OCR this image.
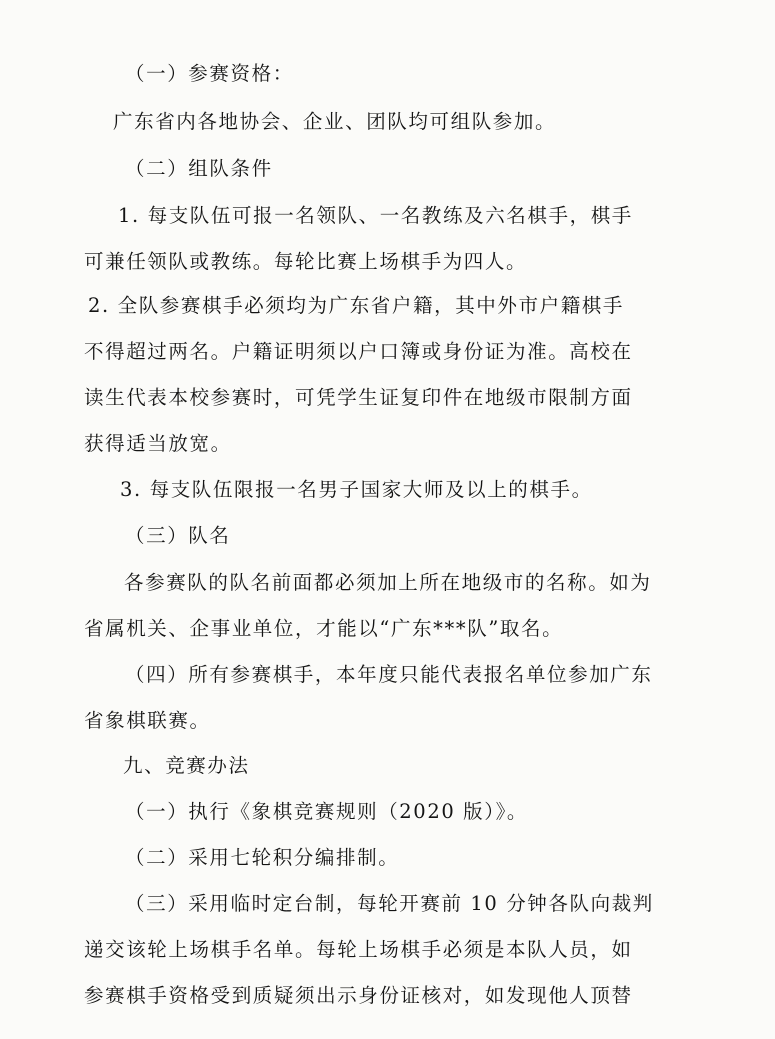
（一）参赛资格：
广东省内各地协会、企业、团队均可组队参加。
（二）组队条件
1. 每支队伍可报一名领队、一名教练及六名棋手，棋手
可兼任领队或教练。每轮比赛上场棋手为四人。
2. 全队参赛棋手必须均为广东省户籍，其中外市户籍棋手
不得超过两名。户籍证明须以户口簿或身份证为准。高校在
读生代表本校参赛时，可凭学生证复印件在地级市限制方面
获得适当放宽。
3. 每支队伍限报一名男子国家大师及以上的棋手。
（三）队名
各参赛队的队名前面都必须加上所在地级市的名称。如为
省属机关、企事业单位，才能以“广东***队”取名。
（四）所有参赛棋手，本年度只能代表报名单位参加广东
省象棋联赛。
九、竞赛办法
（一）执行《象棋竞赛规则（2020 版）》。
（二）采用七轮积分编排制。
（三）采用临时定台制，每轮开赛前 10 分钟各队向裁判
递交该轮上场棋手名单。每轮上场棋手必须是本队人员，如
参赛棋手资格受到质疑须出示身份证核对，如发现他人顶替
